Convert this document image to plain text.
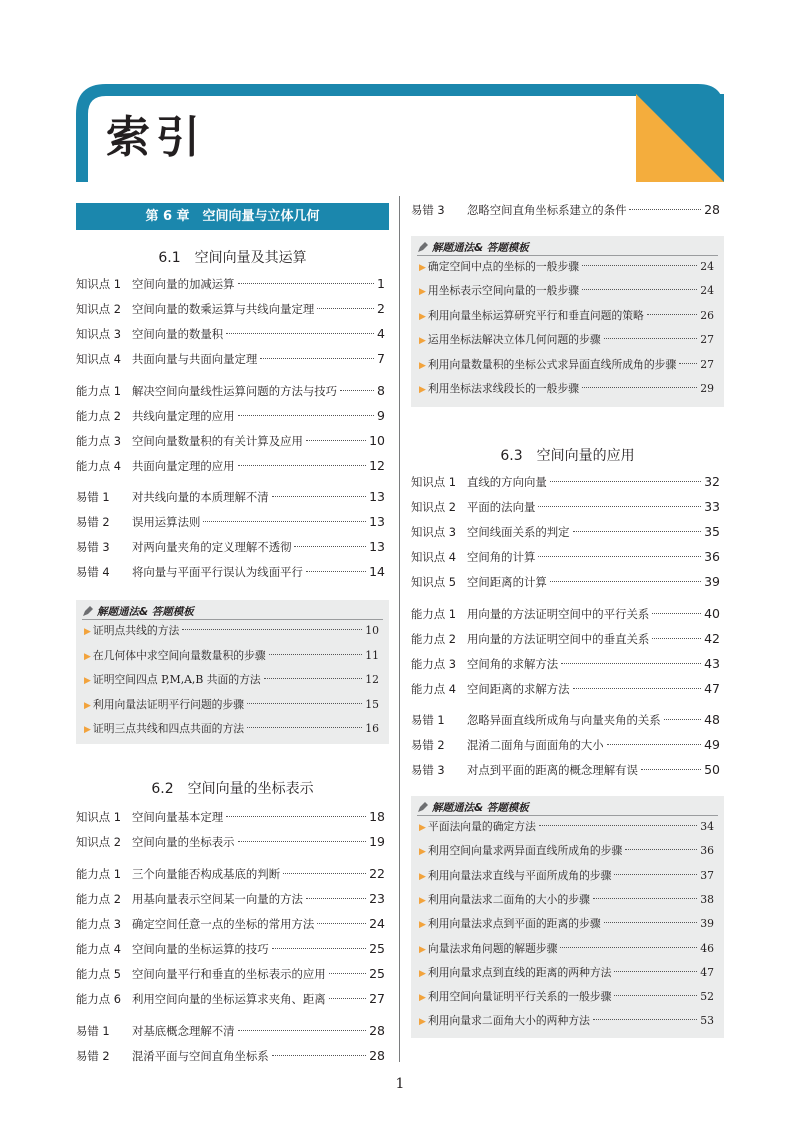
索引
第 6 章　空间向量与立体几何
6.1　空间向量及其运算
知识点 1 空间向量的加减运算	1
知识点 2 空间向量的数乘运算与共线向量定理	2
知识点 3 空间向量的数量积	4
知识点 4 共面向量与共面向量定理	7
能力点 1 解决空间向量线性运算问题的方法与技巧	8
能力点 2 共线向量定理的应用	9
能力点 3 空间向量数量积的有关计算及应用	10
能力点 4 共面向量定理的应用	12
易错 1	对共线向量的本质理解不清	13
易错 2	误用运算法则	13
易错 3	对两向量夹角的定义理解不透彻	13
易错 4	将向量与平面平行误认为线面平行	14
解题通法& 答题模板
▶ 证明点共线的方法	10
▶ 在几何体中求空间向量数量积的步骤	11
▶ 证明空间四点 P,M,A,B 共面的方法	12
▶ 利用向量法证明平行问题的步骤	15
▶ 证明三点共线和四点共面的方法	16
6.2　空间向量的坐标表示
知识点 1 空间向量基本定理	18
知识点 2 空间向量的坐标表示	19
能力点 1 三个向量能否构成基底的判断	22
能力点 2 用基向量表示空间某一向量的方法	23
能力点 3 确定空间任意一点的坐标的常用方法	24
能力点 4 空间向量的坐标运算的技巧	25
能力点 5 空间向量平行和垂直的坐标表示的应用	25
能力点 6 利用空间向量的坐标运算求夹角、距离	27
易错 1	对基底概念理解不清	28
易错 2	混淆平面与空间直角坐标系	28
易错 3	忽略空间直角坐标系建立的条件	28
解题通法& 答题模板
▶ 确定空间中点的坐标的一般步骤	24
▶ 用坐标表示空间向量的一般步骤	24
▶ 利用向量坐标运算研究平行和垂直问题的策略	26
▶ 运用坐标法解决立体几何问题的步骤	27
▶ 利用向量数量积的坐标公式求异面直线所成角的步骤 27
▶ 利用坐标法求线段长的一般步骤	29
6.3　空间向量的应用
知识点 1 直线的方向向量	32
知识点 2 平面的法向量	33
知识点 3 空间线面关系的判定	35
知识点 4 空间角的计算	36
知识点 5 空间距离的计算	39
能力点 1 用向量的方法证明空间中的平行关系	40
能力点 2 用向量的方法证明空间中的垂直关系	42
能力点 3 空间角的求解方法	43
能力点 4 空间距离的求解方法	47
易错 1	忽略异面直线所成角与向量夹角的关系	48
易错 2	混淆二面角与面面角的大小	49
易错 3	对点到平面的距离的概念理解有误	50
解题通法& 答题模板
▶ 平面法向量的确定方法	34
▶ 利用空间向量求两异面直线所成角的步骤	36
▶ 利用向量法求直线与平面所成角的步骤	37
▶ 利用向量法求二面角的大小的步骤	38
▶ 利用向量法求点到平面的距离的步骤	39
▶ 向量法求角问题的解题步骤	46
▶ 利用向量求点到直线的距离的两种方法	47
▶ 利用空间向量证明平行关系的一般步骤	52
▶ 利用向量求二面角大小的两种方法	53
1
